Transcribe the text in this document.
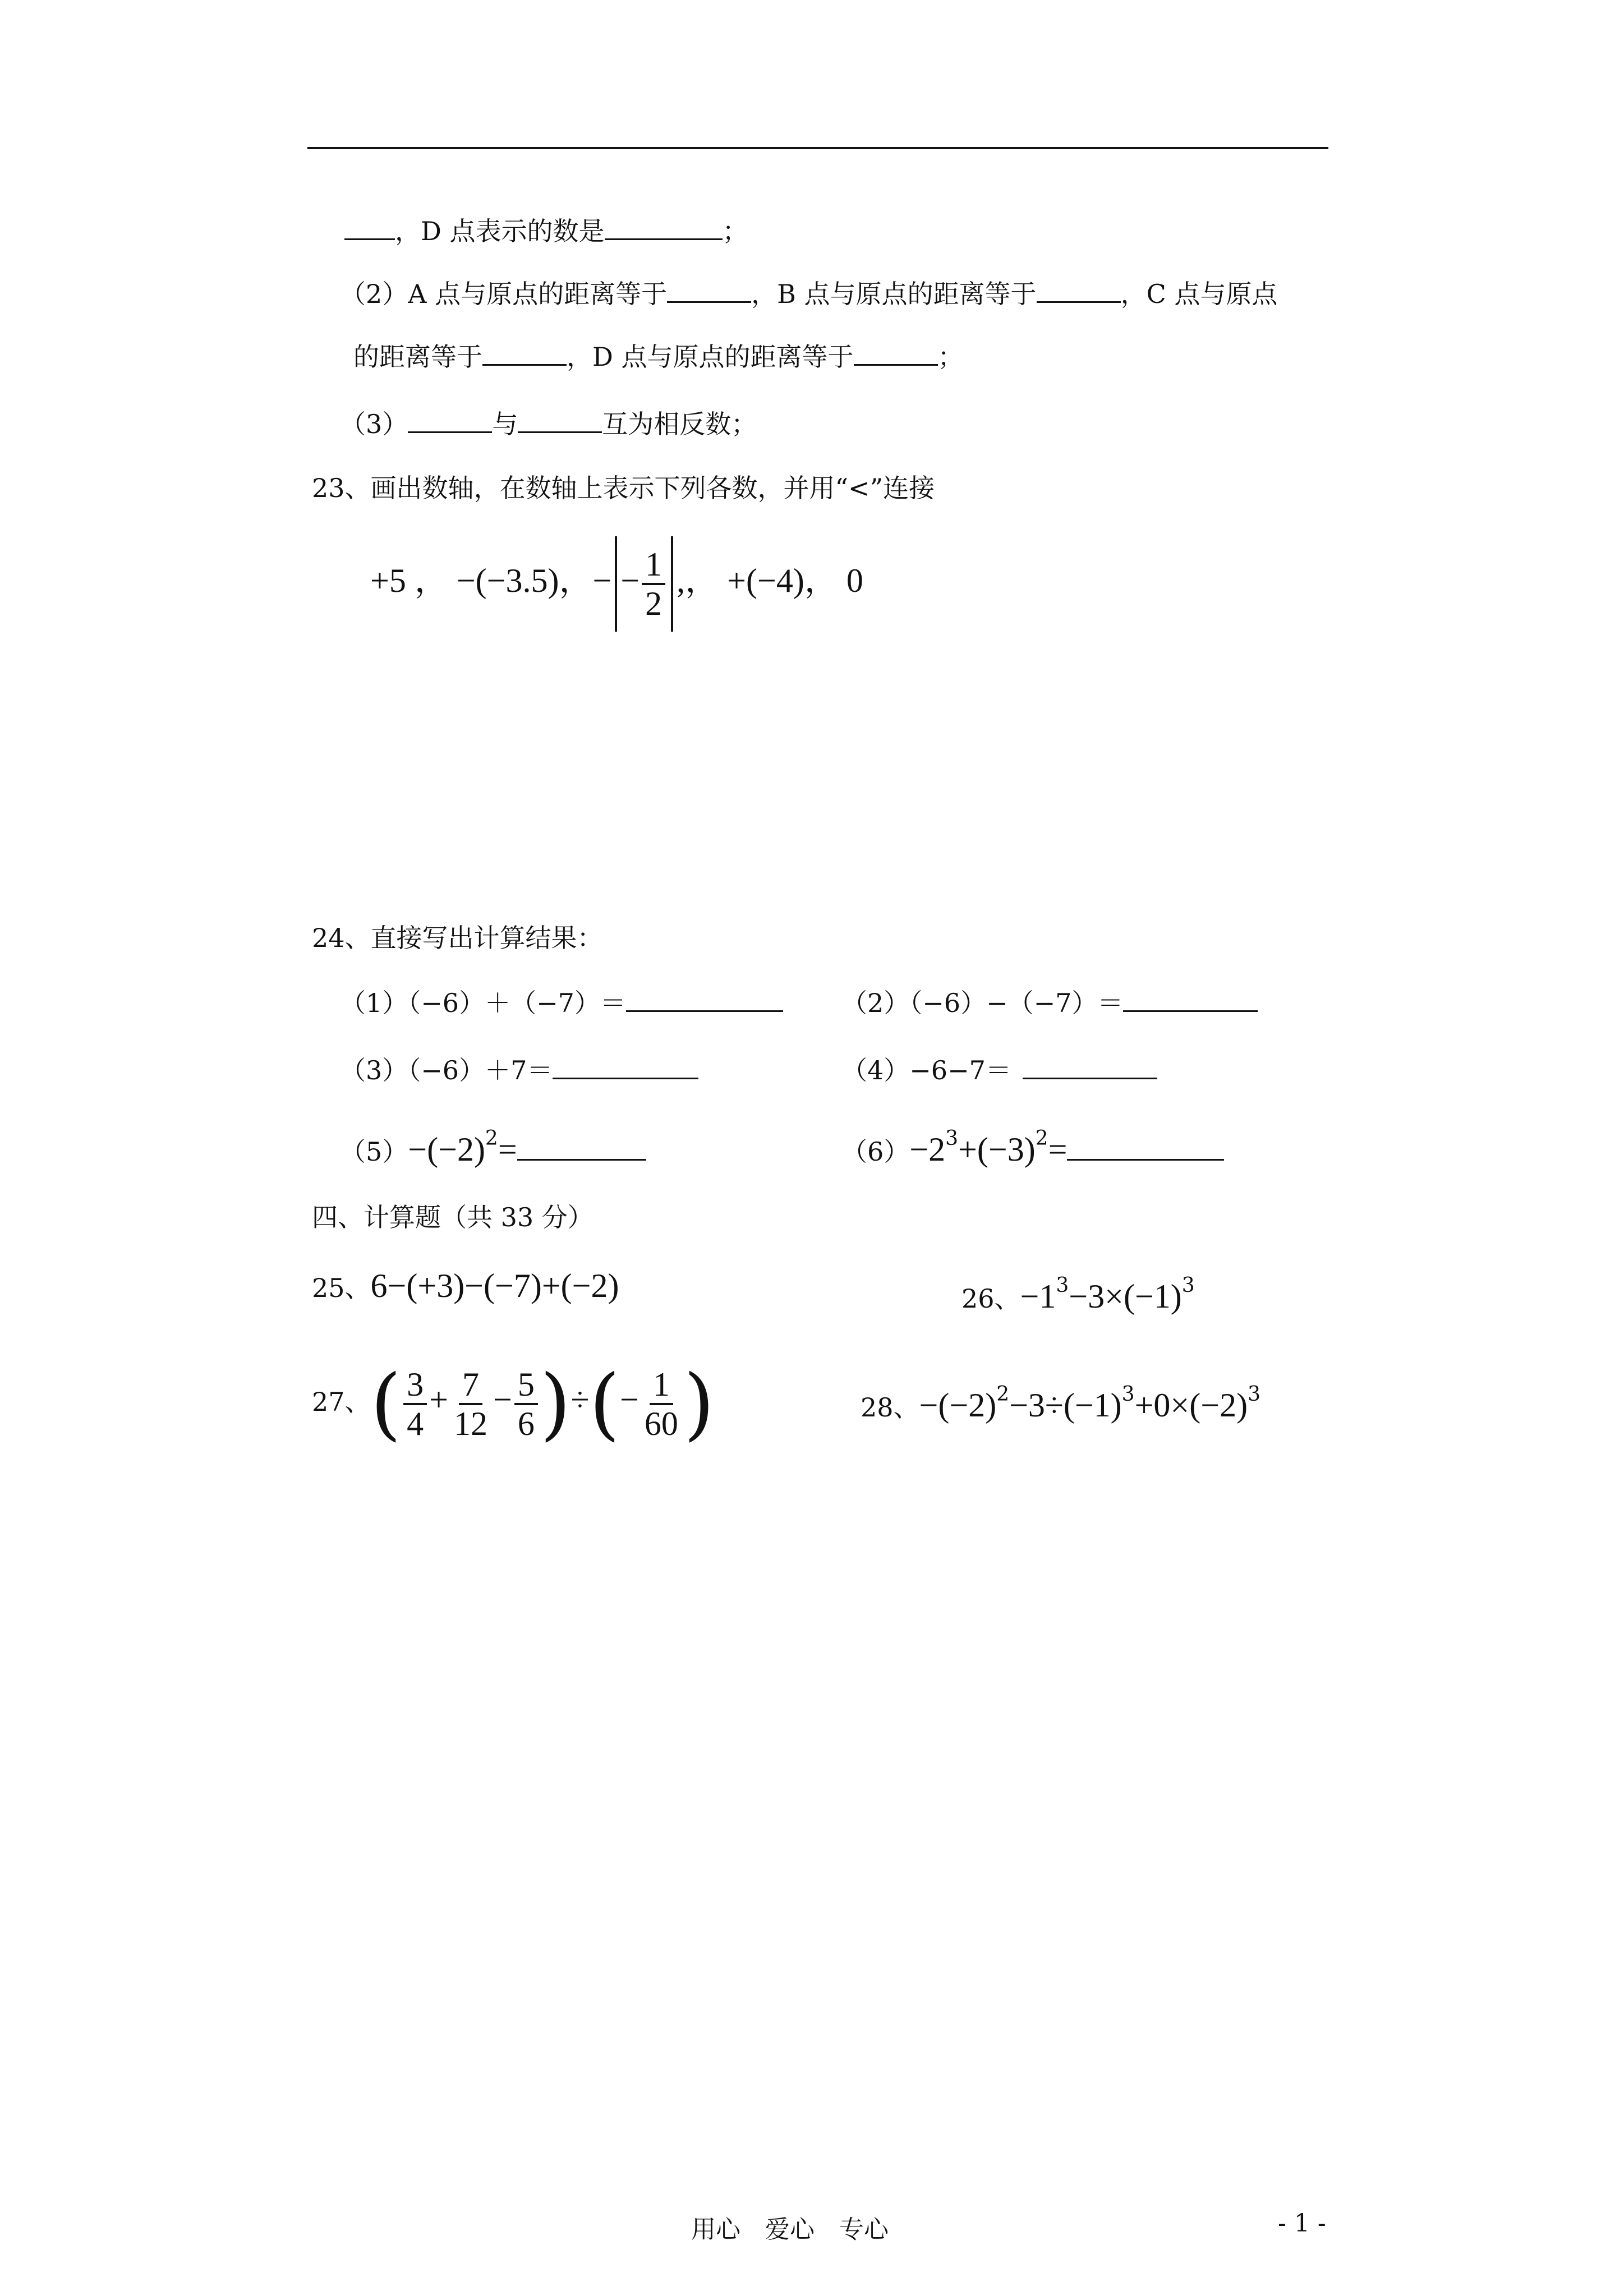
，D 点表示的数是	；
（2）A 点与原点的距离等于	，B 点与原点的距离等于	，C 点与原点
的距离等于	，D 点与原点的距离等于	；
（3）	与	互为相反数；
23、画出数轴，在数轴上表示下列各数，并用“<”连接
+5 ， −(−3.5)，− − $\frac{1}{2}$ ,， +(−4)， 0
24、直接写出计算结果：
（1）（−6）＋（−7）＝	（2）（−6）−（−7）＝
（3）（−6）＋7＝	（4）−6−7＝
$(5)-(-2)^2=$	$(6)-2^3+(-3)^2=$
四、计算题（共 33 分）
25、6−(+3)−(−7)+(−2)	26、$-1^3-3\times(-1)^3$
27、( $\frac{3}{4} + \frac{7}{12} - \frac{5}{6}$ )÷(− $\frac{1}{60}$ )	28、$-(-2)^2-3\div(-1)^3+0\times(-2)^3$
用心　爱心　专心	- 1 -
